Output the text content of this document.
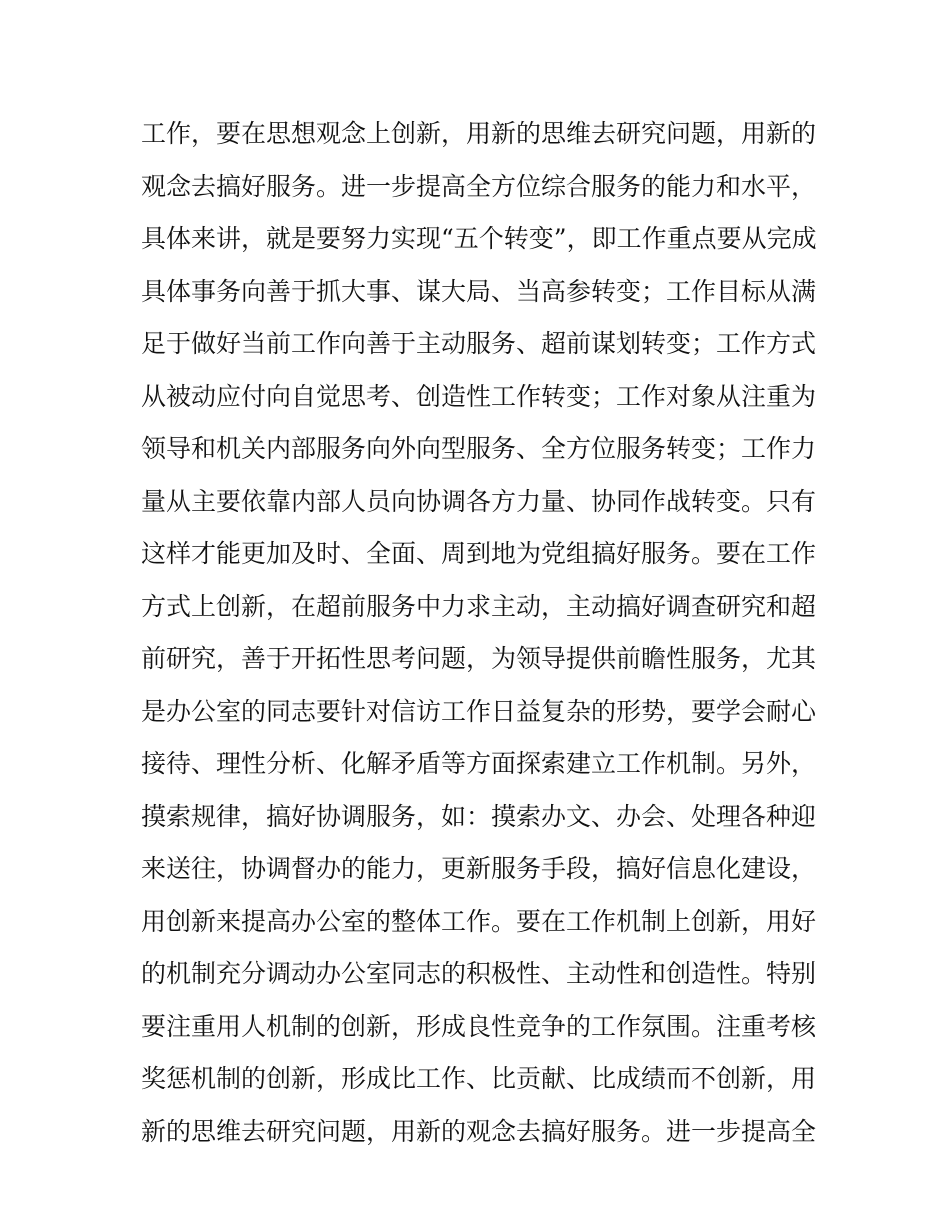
工作，要在思想观念上创新，用新的思维去研究问题，用新的
观念去搞好服务。进一步提高全方位综合服务的能力和水平，
具体来讲，就是要努力实现“五个转变”，即工作重点要从完成
具体事务向善于抓大事、谋大局、当高参转变；工作目标从满
足于做好当前工作向善于主动服务、超前谋划转变；工作方式
从被动应付向自觉思考、创造性工作转变；工作对象从注重为
领导和机关内部服务向外向型服务、全方位服务转变；工作力
量从主要依靠内部人员向协调各方力量、协同作战转变。只有
这样才能更加及时、全面、周到地为党组搞好服务。要在工作
方式上创新，在超前服务中力求主动，主动搞好调查研究和超
前研究，善于开拓性思考问题，为领导提供前瞻性服务，尤其
是办公室的同志要针对信访工作日益复杂的形势，要学会耐心
接待、理性分析、化解矛盾等方面探索建立工作机制。另外，
摸索规律，搞好协调服务，如：摸索办文、办会、处理各种迎
来送往，协调督办的能力，更新服务手段，搞好信息化建设，
用创新来提高办公室的整体工作。要在工作机制上创新，用好
的机制充分调动办公室同志的积极性、主动性和创造性。特别
要注重用人机制的创新，形成良性竞争的工作氛围。注重考核
奖惩机制的创新，形成比工作、比贡献、比成绩而不创新，用
新的思维去研究问题，用新的观念去搞好服务。进一步提高全
